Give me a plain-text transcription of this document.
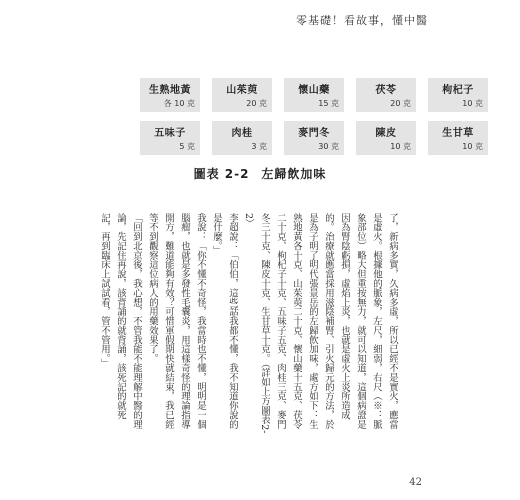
零基礎！看故事，懂中醫
生熟地黃
各 10 克
山茱萸
20 克
懷山藥
15 克
茯苓
20 克
枸杞子
10 克
五味子
5 克
肉桂
3 克
麥門冬
30 克
陳皮
10 克
生甘草
10 克
圖表 2-2 左歸飲加味

了，新病多實，久病多虛，所以已經不是實火，應當是虛火。根據他的脈象，左尺，細弱，右尺（※：脈象部位）略大但重按無力，就可以知道，這個病證是因為腎陰虧損，虛焰上炎，也就是虛火上炎所造成的。治療就應當採用滋陰補腎、引火歸元的方法，於是為子明了明代張景岳的左歸飲加味，處方如下：生熟地黃各十克、山茱萸二十克、懷山藥十五克、茯苓二十克、枸杞子十克、五味子五克、肉桂三克、麥門冬三十克、陳皮十克、生甘草十克。（詳如上方圖表2-2）

李超說：「伯伯，這些話我都不懂，我不知道你說的是什麼。」

我說：「你不懂不奇怪，我當時也不懂，明明是一個腦瘤，也就是多發性毛囊炎，用這樣奇怪的理論指導開方，難道能夠有效？可惜軍假期快就結束，我已經等不到觀察這位病人的用藥效果了。

「回到北京後，我心想，不管我能不能理解中醫的理論，先記住再說，該背誦的就背誦，該死記的就死記，再到臨床上試試看，管不管用。」

42
